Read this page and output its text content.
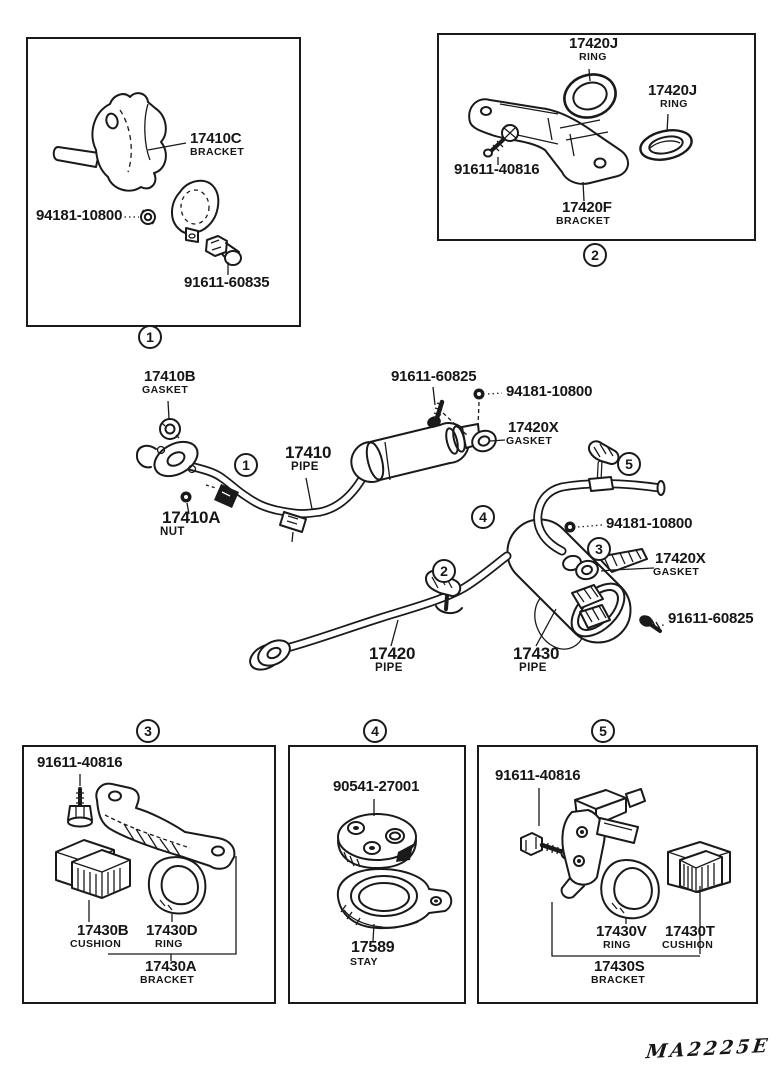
17410C
BRACKET
94181-10800
91611-60835
17420J
RING
17420J
RING
91611-40816
17420F
BRACKET
17410B
GASKET
91611-60825
94181-10800
17420X
GASKET
17410
PIPE
17410A
NUT	94181-10800
17420X
GASKET
91611-60825
17420
PIPE
17430
PIPE
91611-40816
17430B
CUSHION
17430D
RING
17430A
BRACKET
90541-27001
17589
STAY
91611-40816
17430V
RING
17430T
CUSHION
17430S
BRACKET
1
2
1
2
3
4
5
3	4	5
MA2225E
